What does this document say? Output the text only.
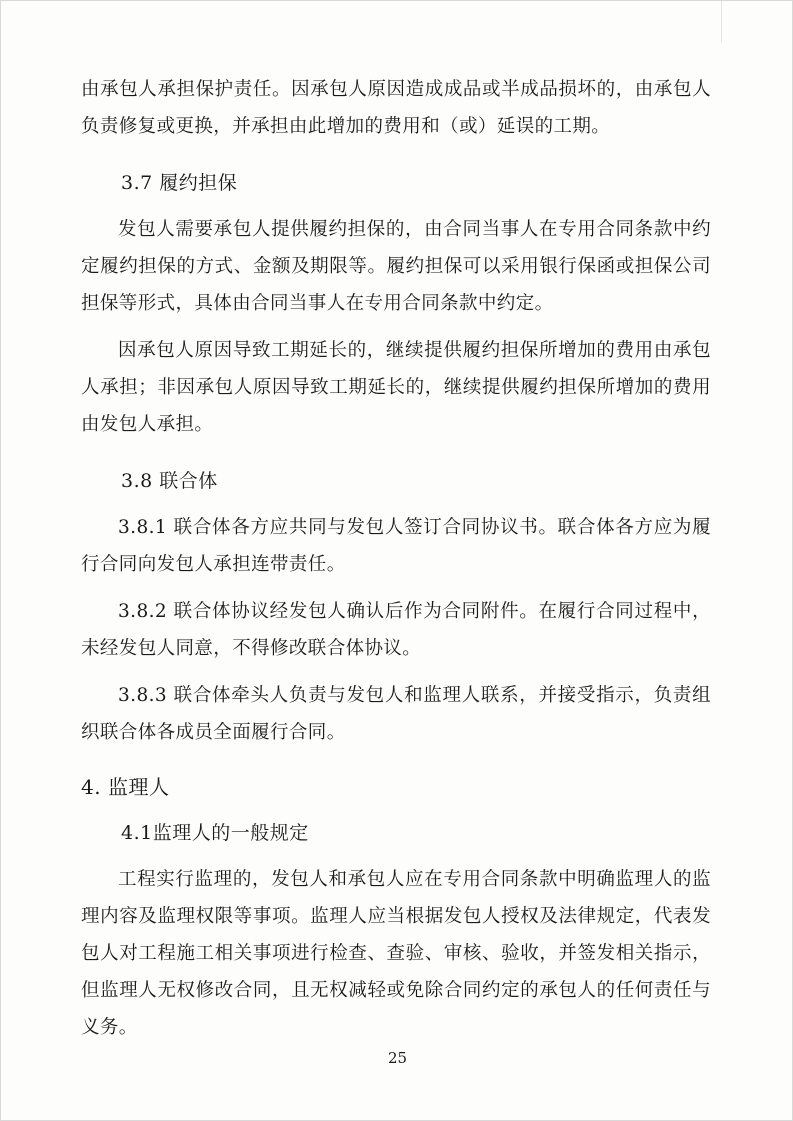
由承包人承担保护责任。因承包人原因造成成品或半成品损坏的，由承包人负责修复或更换，并承担由此增加的费用和（或）延误的工期。

3.7 履约担保

发包人需要承包人提供履约担保的，由合同当事人在专用合同条款中约定履约担保的方式、金额及期限等。履约担保可以采用银行保函或担保公司担保等形式，具体由合同当事人在专用合同条款中约定。

因承包人原因导致工期延长的，继续提供履约担保所增加的费用由承包人承担；非因承包人原因导致工期延长的，继续提供履约担保所增加的费用由发包人承担。

3.8 联合体

3.8.1 联合体各方应共同与发包人签订合同协议书。联合体各方应为履行合同向发包人承担连带责任。

3.8.2 联合体协议经发包人确认后作为合同附件。在履行合同过程中，未经发包人同意，不得修改联合体协议。

3.8.3 联合体牵头人负责与发包人和监理人联系，并接受指示，负责组织联合体各成员全面履行合同。

4. 监理人

4.1监理人的一般规定

工程实行监理的，发包人和承包人应在专用合同条款中明确监理人的监理内容及监理权限等事项。监理人应当根据发包人授权及法律规定，代表发包人对工程施工相关事项进行检查、查验、审核、验收，并签发相关指示，但监理人无权修改合同，且无权减轻或免除合同约定的承包人的任何责任与义务。

25
